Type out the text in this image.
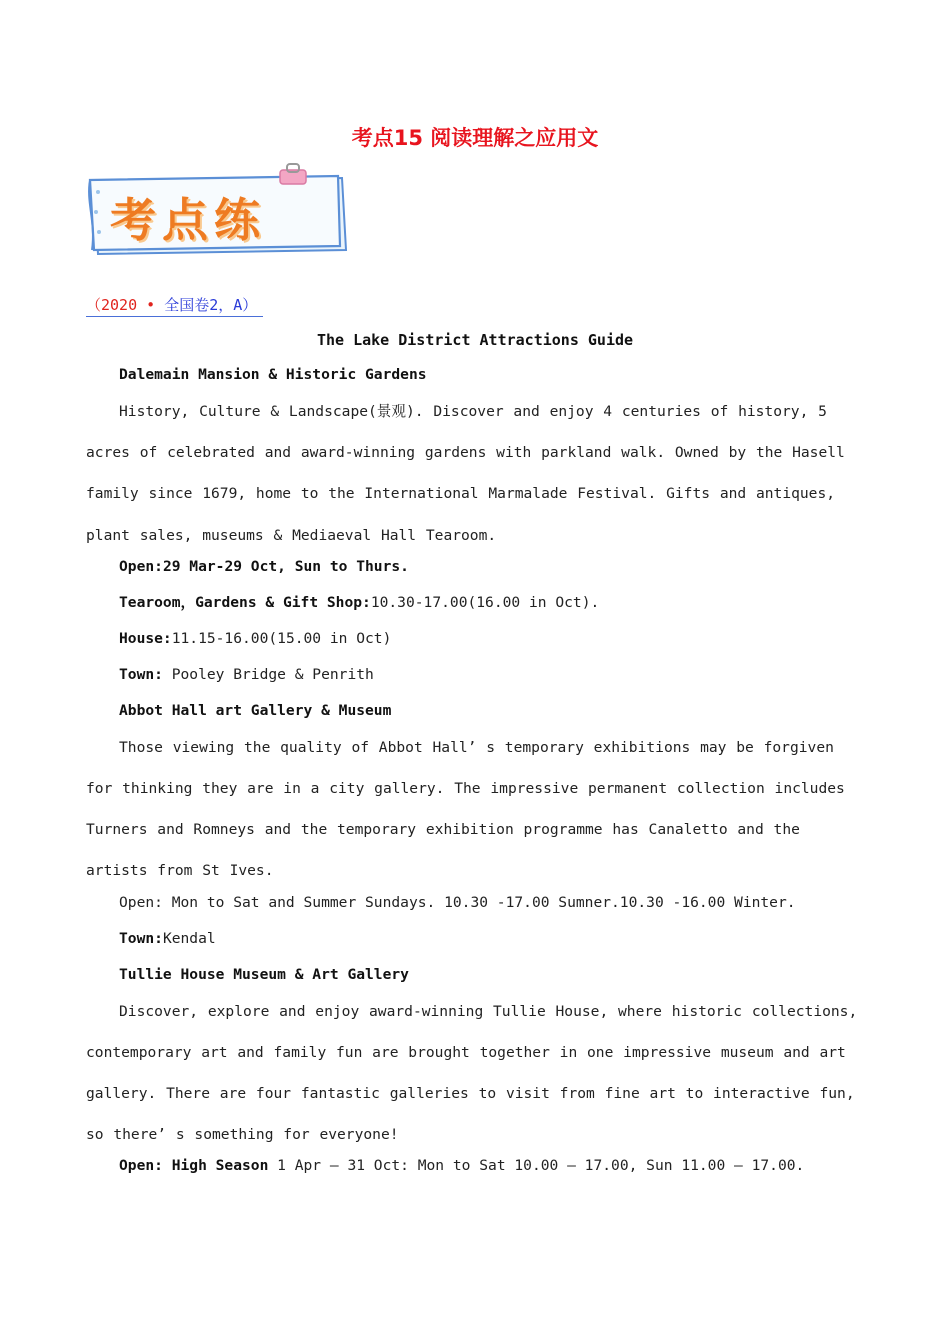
考点15 阅读理解之应用文
考点练
（2020 • 全国卷2，A）
The Lake District Attractions Guide
Dalemain Mansion & Historic Gardens
History, Culture & Landscape(景观). Discover and enjoy 4 centuries of history, 5 acres of celebrated and award-winning gardens with parkland walk. Owned by the Hasell family since 1679, home to the International Marmalade Festival. Gifts and antiques, plant sales, museums & Mediaeval Hall Tearoom.
Open:29 Mar-29 Oct, Sun to Thurs.
Tearoom，Gardens & Gift Shop:10.30-17.00(16.00 in Oct).
House:11.15-16.00(15.00 in Oct)
Town: Pooley Bridge & Penrith
Abbot Hall art Gallery & Museum
Those viewing the quality of Abbot Hall’ s temporary exhibitions may be forgiven for thinking they are in a city gallery. The impressive permanent collection includes Turners and Romneys and the temporary exhibition programme has Canaletto and the artists from St Ives.
Open: Mon to Sat and Summer Sundays. 10.30 -17.00 Sumner.10.30 -16.00 Winter.
Town:Kendal
Tullie House Museum & Art Gallery
Discover, explore and enjoy award-winning Tullie House, where historic collections, contemporary art and family fun are brought together in one impressive museum and art gallery. There are four fantastic galleries to visit from fine art to interactive fun, so there’ s something for everyone!
Open: High Season 1 Apr – 31 Oct: Mon to Sat 10.00 – 17.00, Sun 11.00 – 17.00.
